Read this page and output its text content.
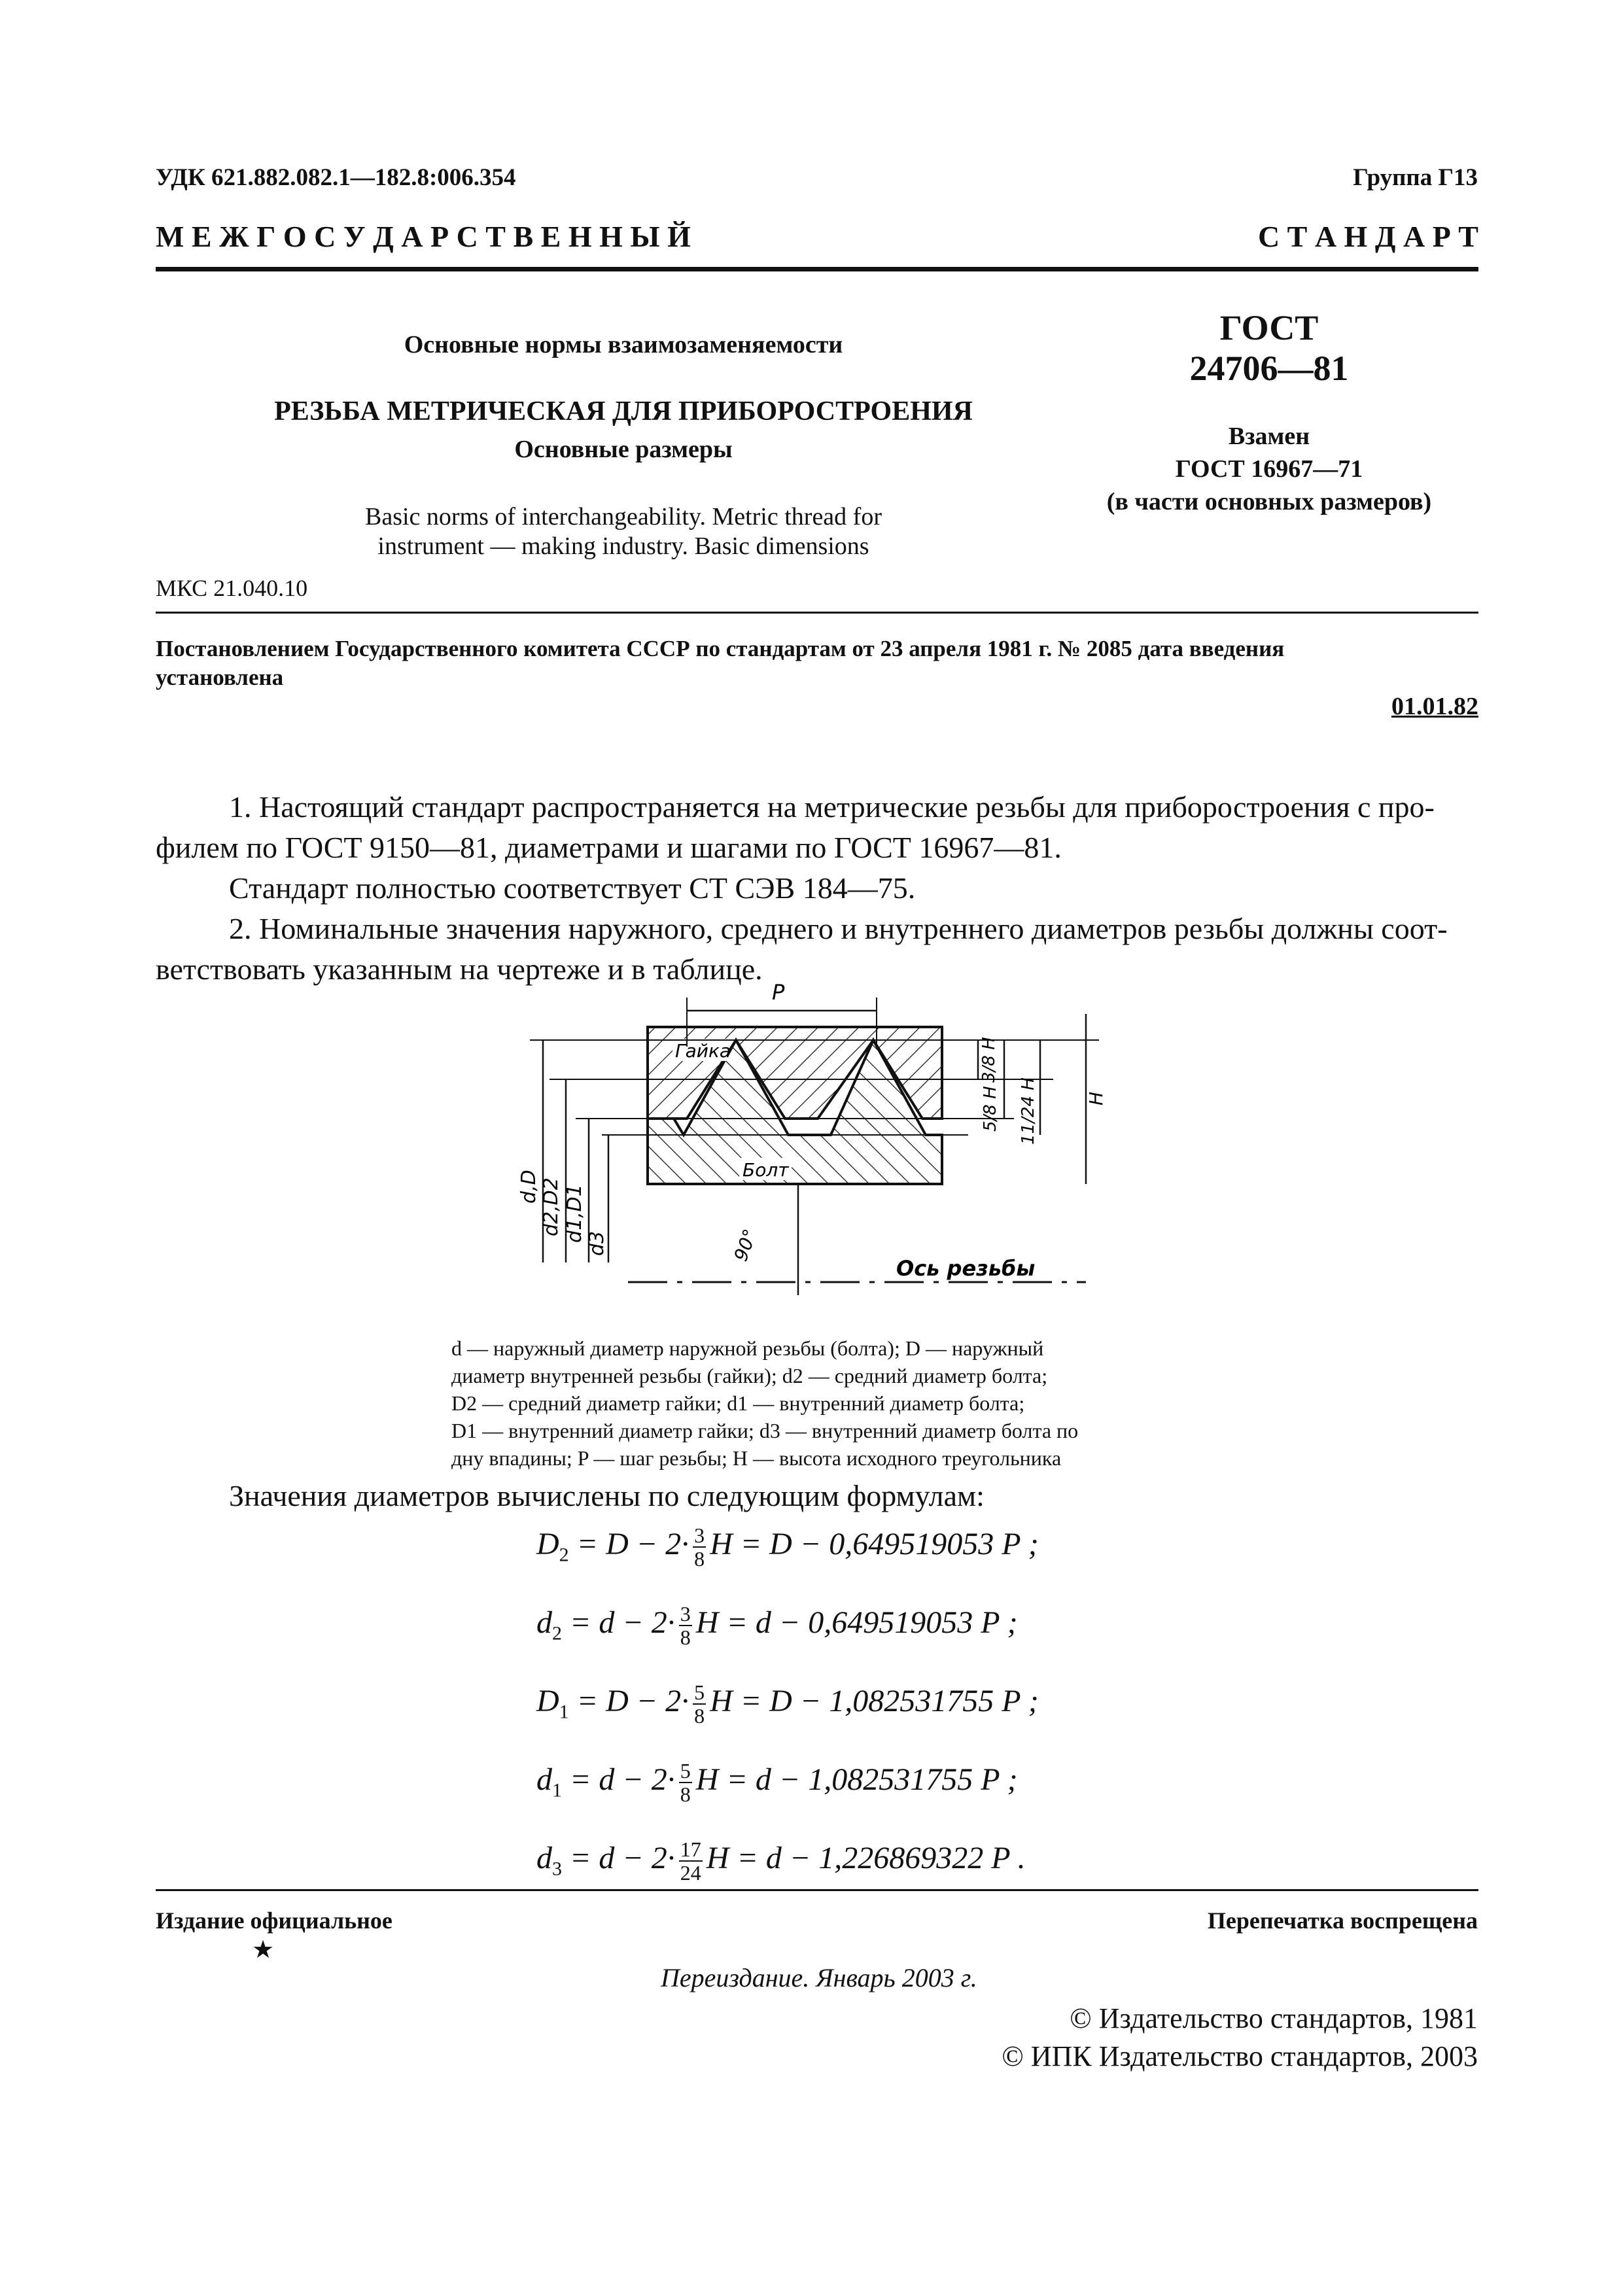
УДК 621.882.082.1—182.8:006.354	Группа Г13
М Е Ж Г О С У Д А Р С Т В Е Н Н Ы Й	С Т А Н Д А Р Т
Основные нормы взаимозаменяемости
РЕЗЬБА МЕТРИЧЕСКАЯ ДЛЯ ПРИБОРОСТРОЕНИЯ
Основные размеры
Basic norms of interchangeability. Metric thread for
instrument — making industry. Basic dimensions
МКС 21.040.10
ГОСТ
24706—81
Взамен
ГОСТ 16967—71
(в части основных размеров)
Постановлением Государственного комитета СССР по стандартам от 23 апреля 1981 г. № 2085 дата введения
установлена
01.01.82

1. Настоящий стандарт распространяется на метрические резьбы для приборостроения с про-

филем по ГОСТ 9150—81, диаметрами и шагами по ГОСТ 16967—81.

Стандарт полностью соответствует СТ СЭВ 184—75.

2. Номинальные значения наружного, среднего и внутреннего диаметров резьбы должны соот-

ветствовать указанным на чертеже и в таблице.

Гайка
Болт
P
d,D d2,D2 d1,D1
d3
3/8 H
5/8 H 11/24 H	H
90°
Ось резьбы
d — наружный диаметр наружной резьбы (болта); D — наружный
диаметр внутренней резьбы (гайки); d2 — средний диаметр болта;
D2 — средний диаметр гайки; d1 — внутренний диаметр болта;
D1 — внутренний диаметр гайки; d3 — внутренний диаметр болта по
дну впадины; P — шаг резьбы; H — высота исходного треугольника
Значения диаметров вычислены по следующим формулам:
$D_2 = D - 2\cdot \frac{3}{8}$ H = D − 0,649519053 P ;
$d_2 = d - 2\cdot \frac{3}{8}$ H = d − 0,649519053 P ;
$D_1 = D - 2\cdot \frac{5}{8}$ H = D − 1,082531755 P ;
$d_1 = d - 2\cdot \frac{5}{8}$ H = d − 1,082531755 P ;
$d_3 = d - 2\cdot \frac{17}{24}$ H = d − 1,226869322 P .
Издание официальное
★
Перепечатка воспрещена
Переиздание. Январь 2003 г.
© Издательство стандартов, 1981
© ИПК Издательство стандартов, 2003
